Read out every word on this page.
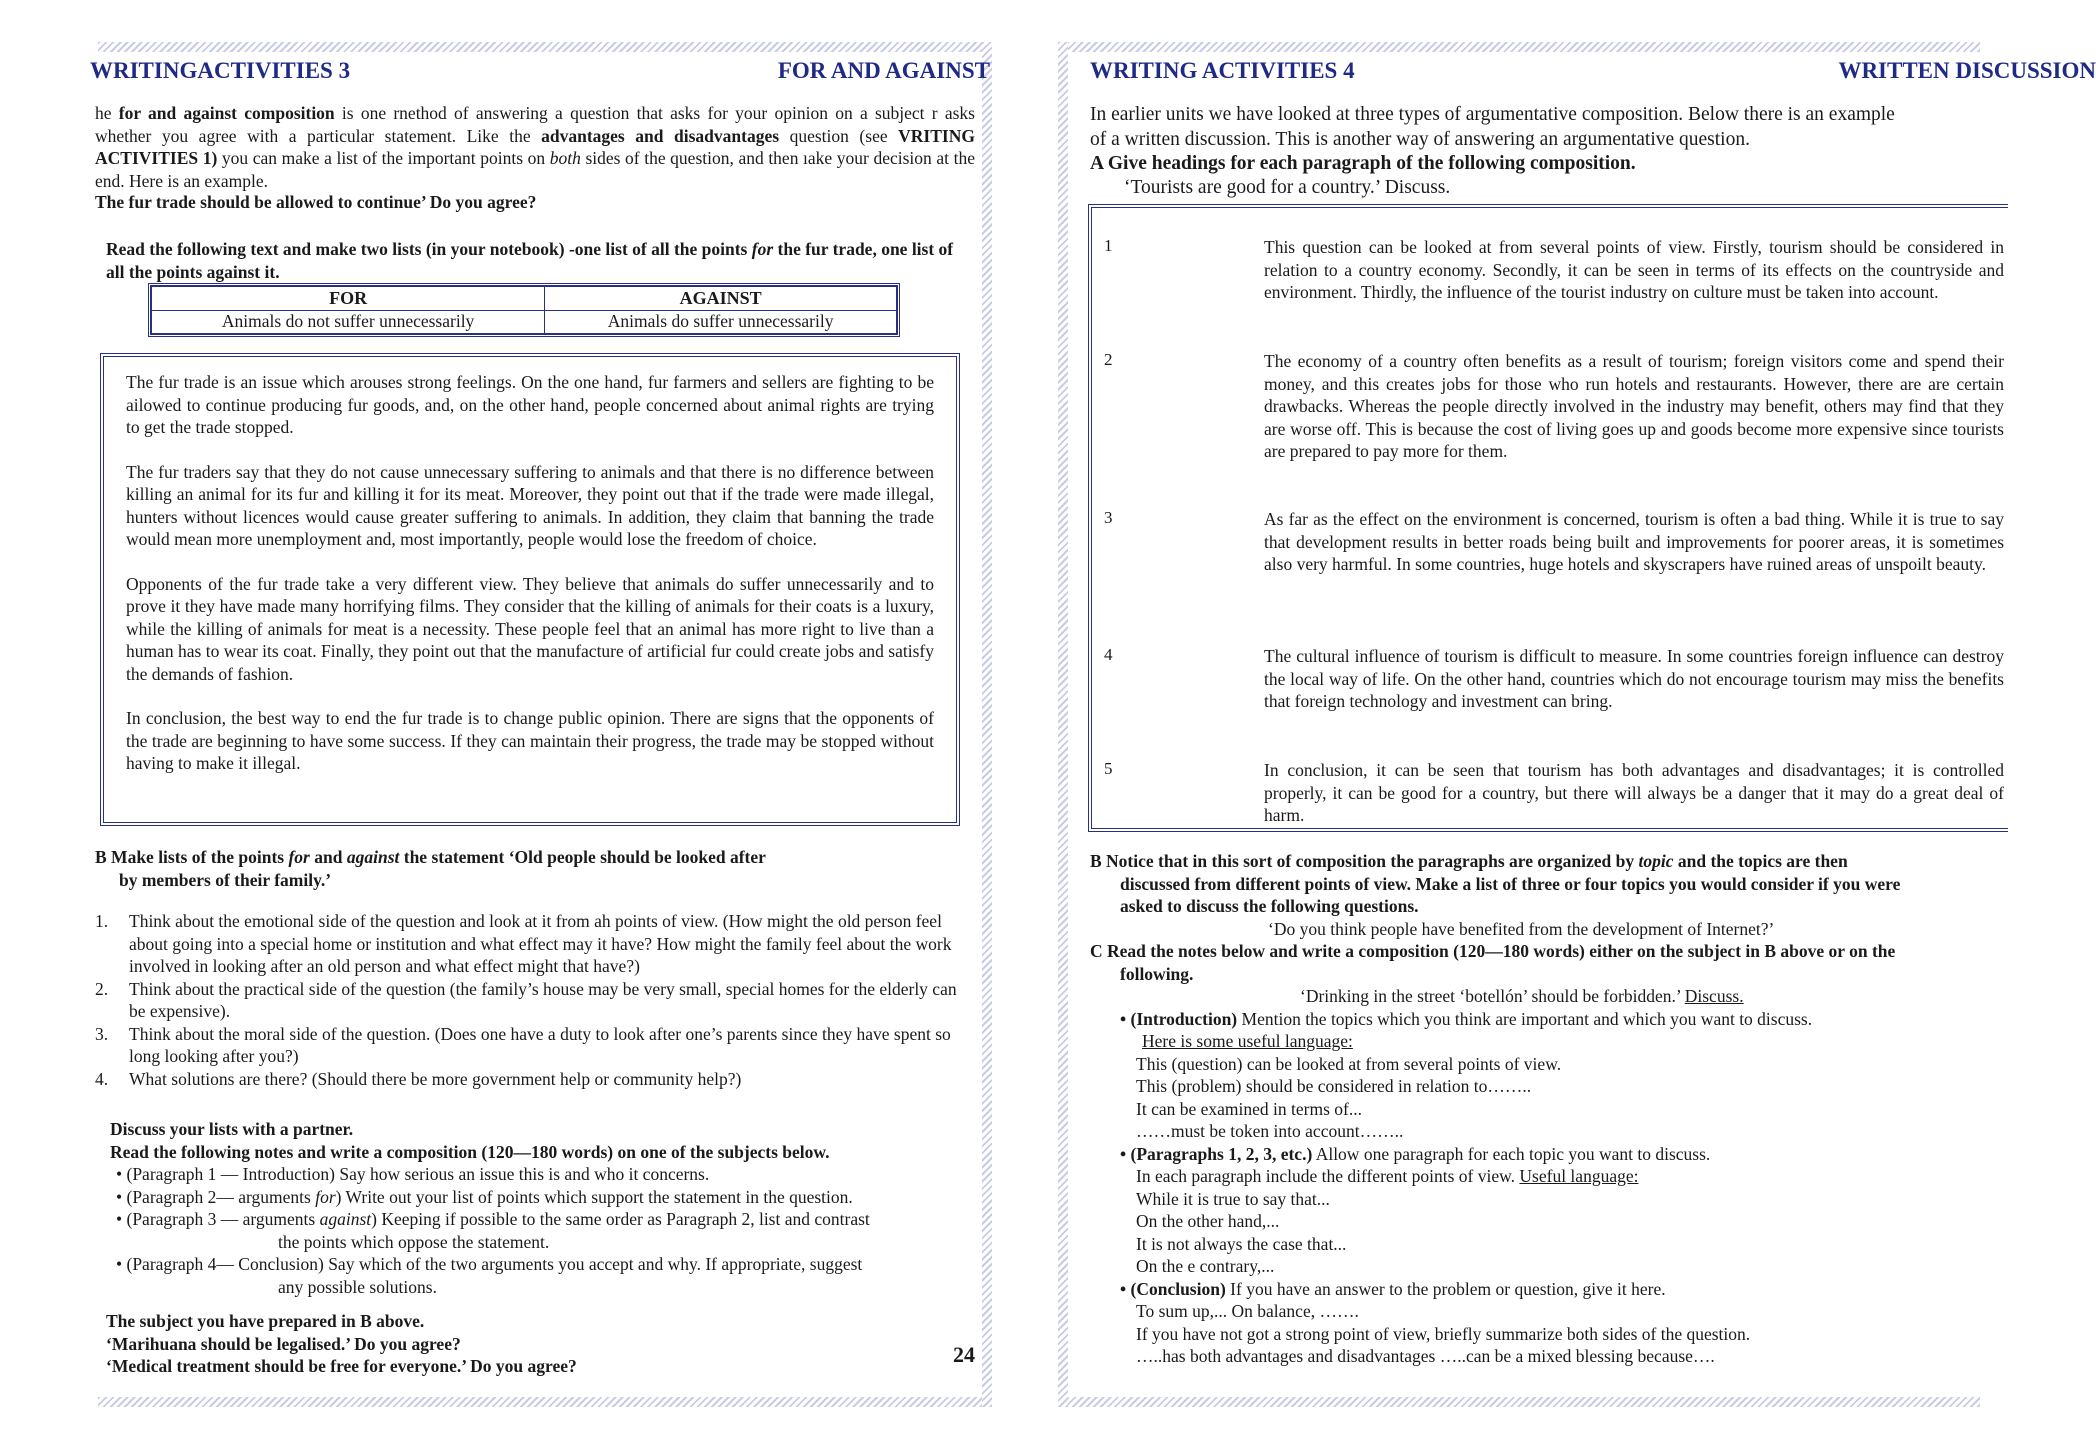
WRITINGACTIVITIES 3	FOR AND AGAINST

he for and against composition is one rnethod of answering a question that asks for your opinion on a subject r asks whether you agree with a particular statement. Like the advantages and disadvantages question (see VRITING ACTIVITIES 1) you can make a list of the important points on both sides of the question, and then ıake your decision at the end. Here is an example.

The fur trade should be allowed to continue’ Do you agree?

Read the following text and make two lists (in your notebook) -one list of all the points for the fur trade, one list of all the points against it.

FOR	AGAINST
Animals do not suffer unnecessarily	Animals do suffer unnecessarily

The fur trade is an issue which arouses strong feelings. On the one hand, fur farmers and sellers are fighting to be ailowed to continue producing fur goods, and, on the other hand, people concerned about animal rights are trying to get the trade stopped.

The fur traders say that they do not cause unnecessary suffering to animals and that there is no difference between killing an animal for its fur and killing it for its meat. Moreover, they point out that if the trade were made illegal, hunters without licences would cause greater suffering to animals. In addition, they claim that banning the trade would mean more unemployment and, most importantly, people would lose the freedom of choice.

Opponents of the fur trade take a very different view. They believe that animals do suffer unnecessarily and to prove it they have made many horrifying films. They consider that the killing of animals for their coats is a luxury, while the killing of animals for meat is a necessity. These people feel that an animal has more right to live than a human has to wear its coat. Finally, they point out that the manufacture of artificial fur could create jobs and satisfy the demands of fashion.

In conclusion, the best way to end the fur trade is to change public opinion. There are signs that the opponents of the trade are beginning to have some success. If they can maintain their progress, the trade may be stopped without having to make it illegal.

B Make lists of the points for and against the statement ‘Old people should be looked after

by members of their family.’

1. Think about the emotional side of the question and look at it from ah points of view. (How might the old person feel about going into a special home or institution and what effect may it have? How might the family feel about the work involved in looking after an old person and what effect might that have?)
2. Think about the practical side of the question (the family’s house may be very small, special homes for the elderly can be expensive).
3. Think about the moral side of the question. (Does one have a duty to look after one’s parents since they have spent so long looking after you?)
4. What solutions are there? (Should there be more government help or community help?)

Discuss your lists with a partner.

Read the following notes and write a composition (120—180 words) on one of the subjects below.

• (Paragraph 1 — Introduction) Say how serious an issue this is and who it concerns.

• (Paragraph 2— arguments for) Write out your list of points which support the statement in the question.

• (Paragraph 3 — arguments against) Keeping if possible to the same order as Paragraph 2, list and contrast

the points which oppose the statement.

• (Paragraph 4— Conclusion) Say which of the two arguments you accept and why. If appropriate, suggest

any possible solutions.

The subject you have prepared in B above.

‘Marihuana should be legalised.’ Do you agree?

‘Medical treatment should be free for everyone.’ Do you agree?	24
WRITING ACTIVITIES 4	WRITTEN DISCUSSION

In earlier units we have looked at three types of argumentative composition. Below there is an example

of a written discussion. This is another way of answering an argumentative question.

A Give headings for each paragraph of the following composition.

‘Tourists are good for a country.’ Discuss.

1	This question can be looked at from several points of view. Firstly, tourism should be considered in relation to a country economy. Secondly, it can be seen in terms of its effects on the countryside and environment. Thirdly, the influence of the tourist industry on culture must be taken into account.

2	The economy of a country often benefits as a result of tourism; foreign visitors come and spend their money, and this creates jobs for those who run hotels and restaurants. However, there are are certain drawbacks. Whereas the people directly involved in the industry may benefit, others may find that they are worse off. This is because the cost of living goes up and goods become more expensive since tourists are prepared to pay more for them.

3	As far as the effect on the environment is concerned, tourism is often a bad thing. While it is true to say that development results in better roads being built and improvements for poorer areas, it is sometimes also very harmful. In some countries, huge hotels and skyscrapers have ruined areas of unspoilt beauty.

4	The cultural influence of tourism is difficult to measure. In some countries foreign influence can destroy the local way of life. On the other hand, countries which do not encourage tourism may miss the benefits that foreign technology and investment can bring.

5	In conclusion, it can be seen that tourism has both advantages and disadvantages; it is controlled properly, it can be good for a country, but there will always be a danger that it may do a great deal of harm.

B Notice that in this sort of composition the paragraphs are organized by topic and the topics are then

discussed from different points of view. Make a list of three or four topics you would consider if you were

asked to discuss the following questions.

‘Do you think people have benefited from the development of Internet?’

C Read the notes below and write a composition (120—180 words) either on the subject in B above or on the

following.

‘Drinking in the street ‘botellón’ should be forbidden.’ Discuss.

• (Introduction) Mention the topics which you think are important and which you want to discuss.

Here is some useful language:

This (question) can be looked at from several points of view.

This (problem) should be considered in relation to……..

It can be examined in terms of...

……must be token into account……..

• (Paragraphs 1, 2, 3, etc.) Allow one paragraph for each topic you want to discuss.

In each paragraph include the different points of view. Useful language:

While it is true to say that...

On the other hand,...

It is not always the case that...

On the e contrary,...

• (Conclusion) If you have an answer to the problem or question, give it here.

To sum up,... On balance, …….

If you have not got a strong point of view, briefly summarize both sides of the question.

…..has both advantages and disadvantages …..can be a mixed blessing because….
